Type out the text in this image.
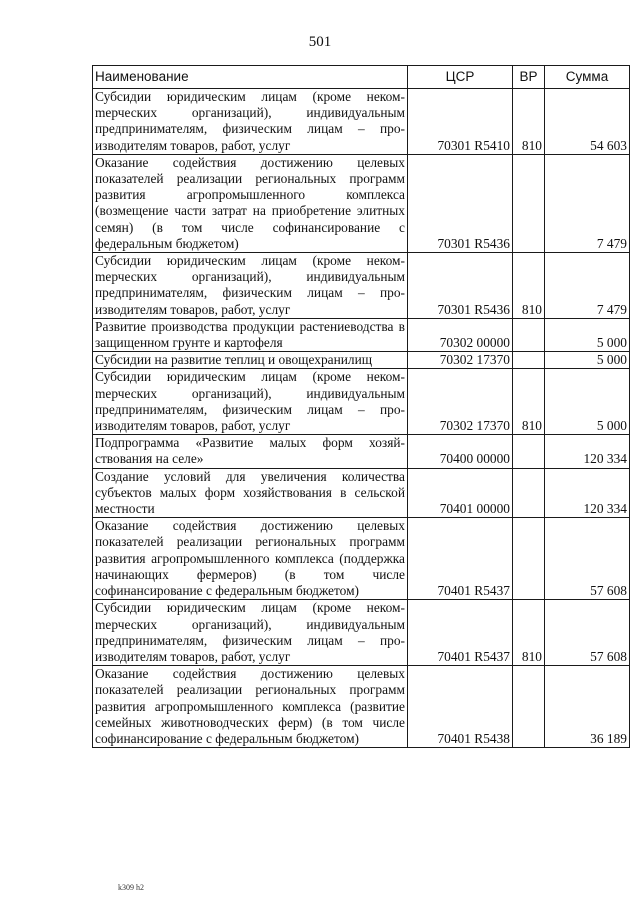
501
Наименование	ЦСР	ВР	Сумма
Субсидии юридическим лицам (кроме некомmерческих организаций), индивидуальным предпринимателям, физическим лицам – производителям товаров, работ, услуг	70301 R5410	810	54 603
Оказание содействия достижению целевых показателей реализации региональных программ развития агропромышленного комплекса (возмещение части затрат на приобретение элитных семян) (в том числе софинансирование с федеральным бюджетом)	70301 R5436		7 479
Субсидии юридическим лицам (кроме некомmерческих организаций), индивидуальным предпринимателям, физическим лицам – производителям товаров, работ, услуг	70301 R5436	810	7 479
Развитие производства продукции растениеводства в защищенном грунте и картофеля	70302 00000		5 000
Субсидии на развитие теплиц и овощехранилищ	70302 17370		5 000
Субсидии юридическим лицам (кроме некомmерческих организаций), индивидуальным предпринимателям, физическим лицам – производителям товаров, работ, услуг	70302 17370	810	5 000
Подпрограмма «Развитие малых форм хозяйствования на селе»	70400 00000		120 334
Создание условий для увеличения количества субъектов малых форм хозяйствования в сельской местности	70401 00000		120 334
Оказание содействия достижению целевых показателей реализации региональных программ развития агропромышленного комплекса (поддержка начинающих фермеров) (в том числе софинансирование с федеральным бюджетом)	70401 R5437		57 608
Субсидии юридическим лицам (кроме некомmерческих организаций), индивидуальным предпринимателям, физическим лицам – производителям товаров, работ, услуг	70401 R5437	810	57 608
Оказание содействия достижению целевых показателей реализации региональных программ развития агропромышленного комплекса (развитие семейных животноводческих ферм) (в том числе софинансирование с федеральным бюджетом)	70401 R5438		36 189
k309 h2
